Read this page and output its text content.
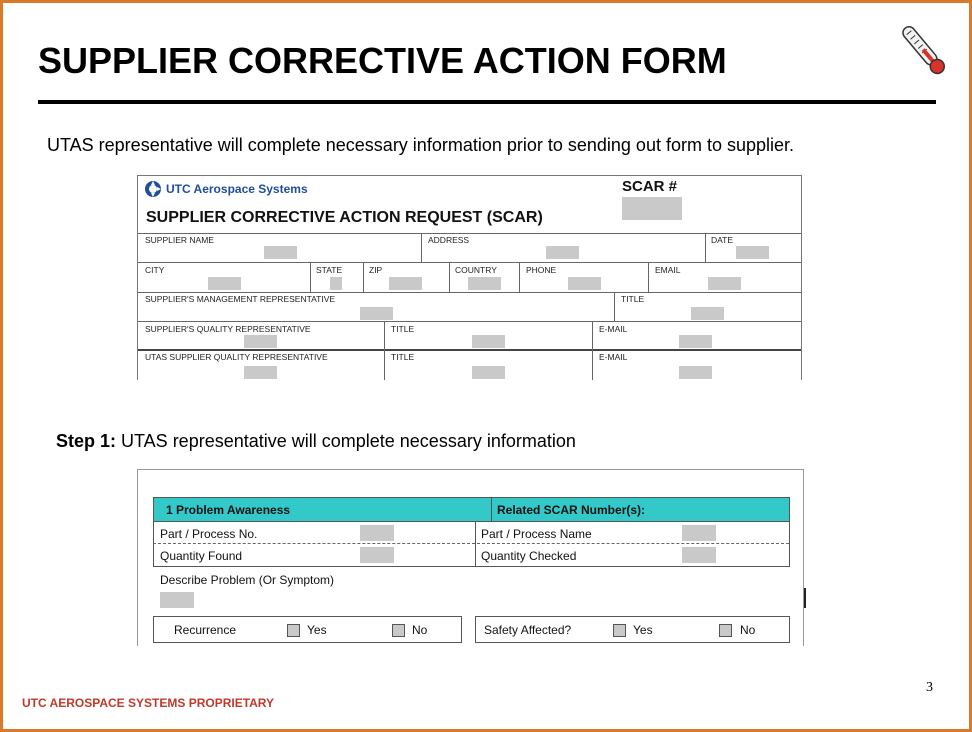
SUPPLIER CORRECTIVE ACTION FORM
UTAS representative will complete necessary information prior to sending out form to supplier.
UTC Aerospace Systems	SCAR #
SUPPLIER CORRECTIVE ACTION REQUEST (SCAR)
SUPPLIER NAME	ADDRESS	DATE
CITY	STATE	ZIP	COUNTRY	PHONE	EMAIL
SUPPLIER'S MANAGEMENT REPRESENTATIVE	TITLE
SUPPLIER'S QUALITY REPRESENTATIVE	TITLE	E-MAIL
UTAS SUPPLIER QUALITY REPRESENTATIVE	TITLE	E-MAIL
Step 1: UTAS representative will complete necessary information
1 Problem Awareness	Related SCAR Number(s):
Part / Process No.	Part / Process Name
Quantity Found	Quantity Checked
Describe Problem (Or Symptom)
Recurrence	Yes	No	Safety Affected?	Yes	No
3
UTC AEROSPACE SYSTEMS PROPRIETARY
